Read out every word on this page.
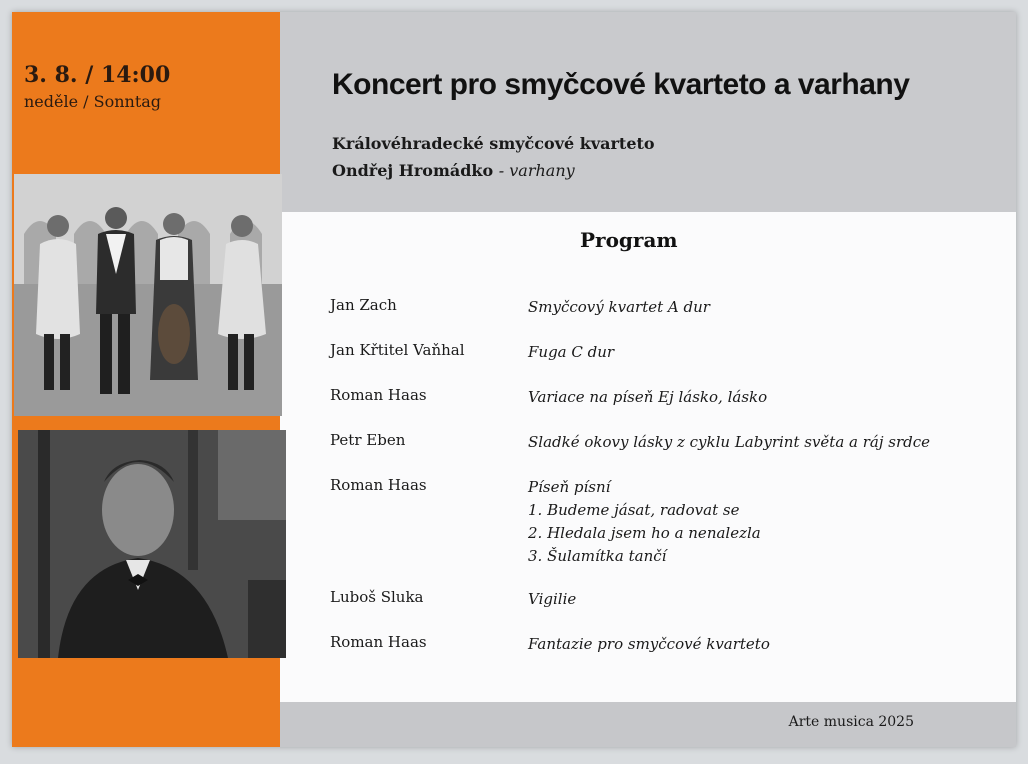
Arte musica 2025
3. 8. / 14:00
neděle / Sonntag
Koncert pro smyčcové kvarteto a varhany
Královéhradecké smyčcové kvarteto
Ondřej Hromádko - varhany
Program
Jan Zach	Smyčcový kvartet A dur
Jan Křtitel Vaňhal	Fuga C dur
Roman Haas	Variace na píseň Ej lásko, lásko
Petr Eben	Sladké okovy lásky z cyklu Labyrint světa a ráj srdce
Roman Haas	Píseň písní
1. Budeme jásat, radovat se
2. Hledala jsem ho a nenalezla
3. Šulamítka tančí
Luboš Sluka	Vigilie
Roman Haas	Fantazie pro smyčcové kvarteto
